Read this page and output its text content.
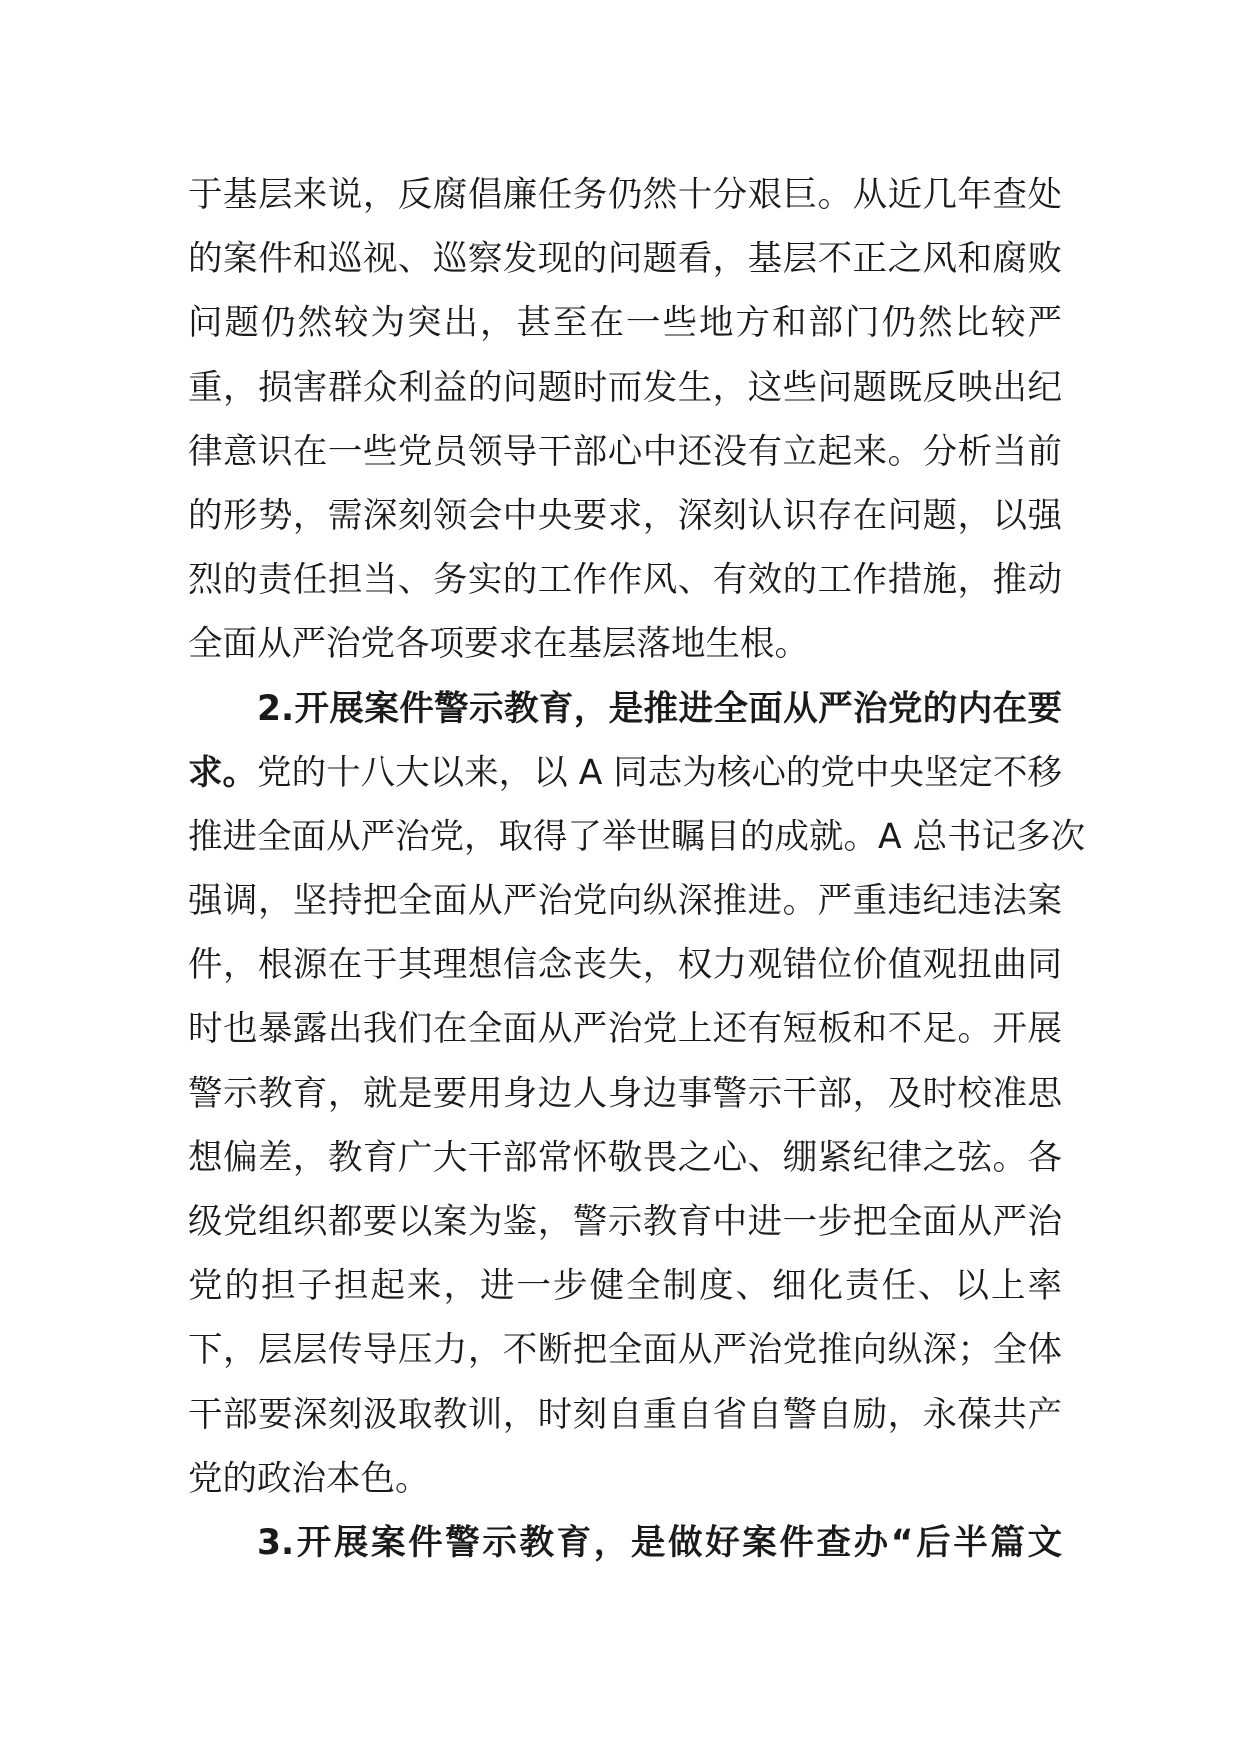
于基层来说，反腐倡廉任务仍然十分艰巨。从近几年查处
的案件和巡视、巡察发现的问题看，基层不正之风和腐败
问题仍然较为突出，甚至在一些地方和部门仍然比较严
重，损害群众利益的问题时而发生，这些问题既反映出纪
律意识在一些党员领导干部心中还没有立起来。分析当前
的形势，需深刻领会中央要求，深刻认识存在问题，以强
烈的责任担当、务实的工作作风、有效的工作措施，推动
全面从严治党各项要求在基层落地生根。
2.开展案件警示教育，是推进全面从严治党的内在要
求。党的十八大以来，以 A 同志为核心的党中央坚定不移
推进全面从严治党，取得了举世瞩目的成就。A 总书记多次
强调，坚持把全面从严治党向纵深推进。严重违纪违法案
件，根源在于其理想信念丧失，权力观错位价值观扭曲同
时也暴露出我们在全面从严治党上还有短板和不足。开展
警示教育，就是要用身边人身边事警示干部，及时校准思
想偏差，教育广大干部常怀敬畏之心、绷紧纪律之弦。各
级党组织都要以案为鉴，警示教育中进一步把全面从严治
党的担子担起来，进一步健全制度、细化责任、以上率
下，层层传导压力，不断把全面从严治党推向纵深；全体
干部要深刻汲取教训，时刻自重自省自警自励，永葆共产
党的政治本色。
3.开展案件警示教育，是做好案件查办“后半篇文
